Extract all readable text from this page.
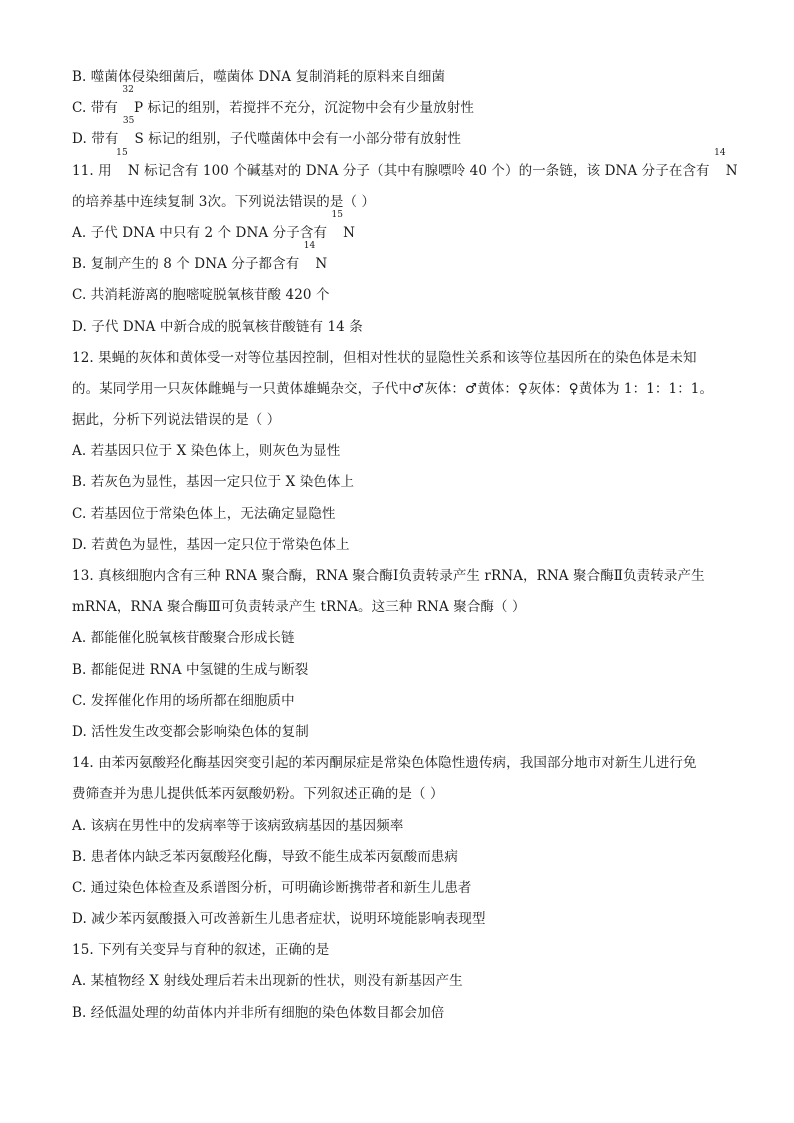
B. 噬菌体侵染细菌后，噬菌体 DNA 复制消耗的原料来自细菌
C. 带有 $^{32}$P 标记的组别，若搅拌不充分，沉淀物中会有少量放射性
D. 带有 $^{35}$S 标记的组别，子代噬菌体中会有一小部分带有放射性
11. 用 $^{15}$N 标记含有 100 个碱基对的 DNA 分子（其中有腺嘌呤 40 个）的一条链，该 DNA 分子在含有 $^{14}$N
的培养基中连续复制 3次。下列说法错误的是（ ）
A. 子代 DNA 中只有 2 个 DNA 分子含有 $^{15}$N
B. 复制产生的 8 个 DNA 分子都含有 $^{14}$N
C. 共消耗游离的胞嘧啶脱氧核苷酸 420 个
D. 子代 DNA 中新合成的脱氧核苷酸链有 14 条
12. 果蝇的灰体和黄体受一对等位基因控制，但相对性状的显隐性关系和该等位基因所在的染色体是未知
的。某同学用一只灰体雌蝇与一只黄体雄蝇杂交，子代中♂灰体：♂黄体：♀灰体：♀黄体为 1：1：1：1。
据此，分析下列说法错误的是（ ）
A. 若基因只位于 X 染色体上，则灰色为显性
B. 若灰色为显性，基因一定只位于 X 染色体上
C. 若基因位于常染色体上，无法确定显隐性
D. 若黄色为显性，基因一定只位于常染色体上
13. 真核细胞内含有三种 RNA 聚合酶，RNA 聚合酶Ⅰ负责转录产生 rRNA，RNA 聚合酶Ⅱ负责转录产生
mRNA，RNA 聚合酶Ⅲ可负责转录产生 tRNA。这三种 RNA 聚合酶（ ）
A. 都能催化脱氧核苷酸聚合形成长链
B. 都能促进 RNA 中氢键的生成与断裂
C. 发挥催化作用的场所都在细胞质中
D. 活性发生改变都会影响染色体的复制
14. 由苯丙氨酸羟化酶基因突变引起的苯丙酮尿症是常染色体隐性遗传病，我国部分地市对新生儿进行免
费筛查并为患儿提供低苯丙氨酸奶粉。下列叙述正确的是（ ）
A. 该病在男性中的发病率等于该病致病基因的基因频率
B. 患者体内缺乏苯丙氨酸羟化酶，导致不能生成苯丙氨酸而患病
C. 通过染色体检查及系谱图分析，可明确诊断携带者和新生儿患者
D. 减少苯丙氨酸摄入可改善新生儿患者症状，说明环境能影响表现型
15. 下列有关变异与育种的叙述，正确的是
A. 某植物经 X 射线处理后若未出现新的性状，则没有新基因产生
B. 经低温处理的幼苗体内并非所有细胞的染色体数目都会加倍
